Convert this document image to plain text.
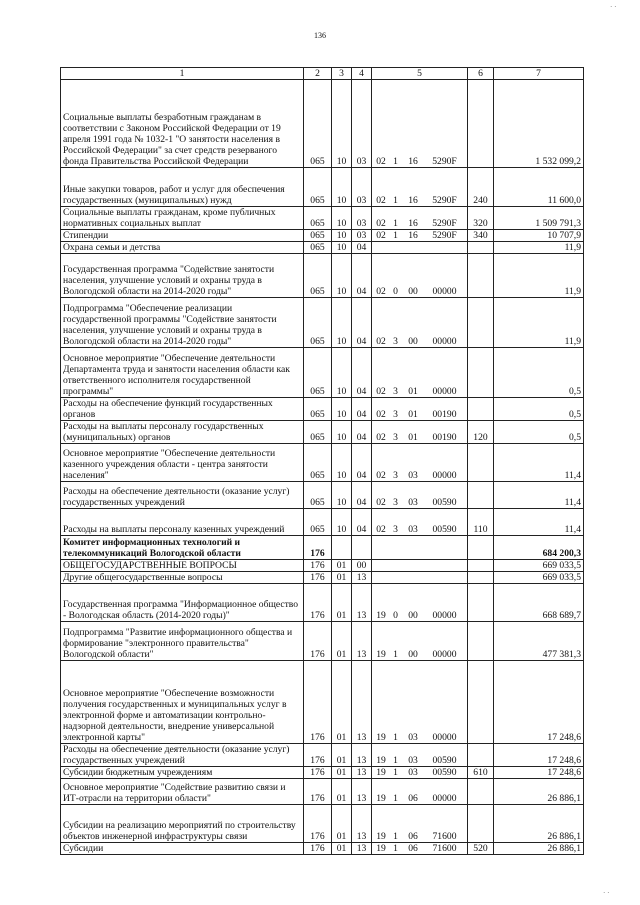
136
· ·
· ·
1	2	3	4	5	6	7
Социальные выплаты безработным гражданам в соответствии с Законом Российской Федерации от 19 апреля 1991 года № 1032-1 "О занятости населения в Российской Федерации" за счет средств резерваного фонда Правительства Российской Федерации	065	10	03	02 1 16 5290F		1 532 099,2
Иные закупки товаров, работ и услуг для обеспечения государственных (муниципальных) нужд	065	10	03	02 1 16 5290F	240	11 600,0
Социальные выплаты гражданам, кроме публичных нормативных социальных выплат	065	10	03	02 1 16 5290F	320	1 509 791,3
Стипендии	065	10	03	02 1 16 5290F	340	10 707,9
Охрана семьи и детства	065	10	04			11,9
Государственная программа "Содействие занятости населения, улучшение условий и охраны труда в Вологодской области на 2014-2020 годы"	065	10	04	02 0 00 00000		11,9
Подпрограмма "Обеспечение реализации государственной программы "Содействие занятости населения, улучшение условий и охраны труда в Вологодской области на 2014-2020 годы"	065	10	04	02 3 00 00000		11,9
Основное мероприятие "Обеспечение деятельности Департамента труда и занятости населения области как ответственного исполнителя государственной программы"	065	10	04	02 3 01 00000		0,5
Расходы на обеспечение функций государственных органов	065	10	04	02 3 01 00190		0,5
Расходы на выплаты персоналу государственных (муниципальных) органов	065	10	04	02 3 01 00190	120	0,5
Основное мероприятие "Обеспечение деятельности казенного учреждения области - центра занятости населения"	065	10	04	02 3 03 00000		11,4
Расходы на обеспечение деятельности (оказание услуг) государственных учреждений	065	10	04	02 3 03 00590		11,4
Расходы на выплаты персоналу казенных учреждений	065	10	04	02 3 03 00590	110	11,4
Комитет информационных технологий и телекоммуникаций Вологодской области	176					684 200,3
ОБЩЕГОСУДАРСТВЕННЫЕ ВОПРОСЫ	176	01	00			669 033,5
Другие общегосударственные вопросы	176	01	13			669 033,5
Государственная программа "Информационное общество - Вологодская область (2014-2020 годы)"	176	01	13	19 0 00 00000		668 689,7
Подпрограмма "Развитие информационного общества и формирование "электронного правительства" Вологодской области"	176	01	13	19 1 00 00000		477 381,3
Основное мероприятие "Обеспечение возможности получения государственных и муниципальных услуг в электронной форме и автоматизации контрольно-надзорной деятельности, внедрение универсальной электронной карты"	176	01	13	19 1 03 00000		17 248,6
Расходы на обеспечение деятельности (оказание услуг) государственных учреждений	176	01	13	19 1 03 00590		17 248,6
Субсидии бюджетным учреждениям	176	01	13	19 1 03 00590	610	17 248,6
Основное мероприятие "Содействие развитию связи и ИТ-отрасли на территории области"	176	01	13	19 1 06 00000		26 886,1
Субсидии на реализацию мероприятий по строительству объектов инженерной инфраструктуры связи	176	01	13	19 1 06 71600		26 886,1
Субсидии	176	01	13	19 1 06 71600	520	26 886,1
